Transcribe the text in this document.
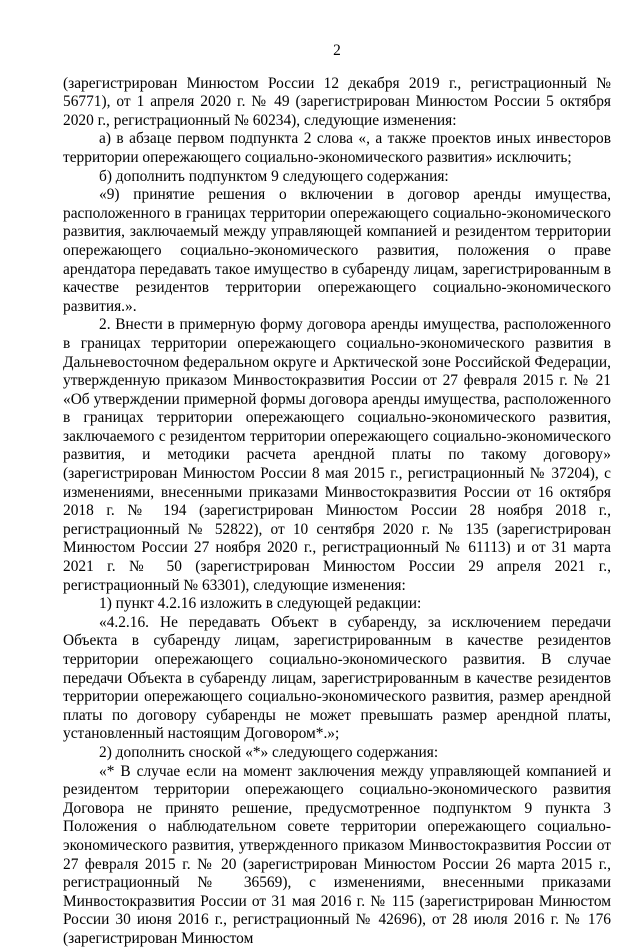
2

(зарегистрирован Минюстом России 12 декабря 2019 г., регистрационный № 56771), от 1 апреля 2020 г. № 49 (зарегистрирован Минюстом России 5 октября 2020 г., регистрационный № 60234), следующие изменения:

а) в абзаце первом подпункта 2 слова «, а также проектов иных инвесторов территории опережающего социально-экономического развития» исключить;

б) дополнить подпунктом 9 следующего содержания:

«9) принятие решения о включении в договор аренды имущества, расположенного в границах территории опережающего социально-экономического развития, заключаемый между управляющей компанией и резидентом территории опережающего социально-экономического развития, положения о праве арендатора передавать такое имущество в субаренду лицам, зарегистрированным в качестве резидентов территории опережающего социально-экономического развития.».

2. Внести в примерную форму договора аренды имущества, расположенного в границах территории опережающего социально-экономического развития в Дальневосточном федеральном округе и Арктической зоне Российской Федерации, утвержденную приказом Минвостокразвития России от 27 февраля 2015 г. № 21 «Об утверждении примерной формы договора аренды имущества, расположенного в границах территории опережающего социально-экономического развития, заключаемого с резидентом территории опережающего социально-экономического развития, и методики расчета арендной платы по такому договору» (зарегистрирован Минюстом России 8 мая 2015 г., регистрационный № 37204), с изменениями, внесенными приказами Минвостокразвития России от 16 октября 2018 г. № 194 (зарегистрирован Минюстом России 28 ноября 2018 г., регистрационный № 52822), от 10 сентября 2020 г. № 135 (зарегистрирован Минюстом России 27 ноября 2020 г., регистрационный № 61113) и от 31 марта 2021 г. № 50 (зарегистрирован Минюстом России 29 апреля 2021 г., регистрационный № 63301), следующие изменения:

1) пункт 4.2.16 изложить в следующей редакции:

«4.2.16. Не передавать Объект в субаренду, за исключением передачи Объекта в субаренду лицам, зарегистрированным в качестве резидентов территории опережающего социально-экономического развития. В случае передачи Объекта в субаренду лицам, зарегистрированным в качестве резидентов территории опережающего социально-экономического развития, размер арендной платы по договору субаренды не может превышать размер арендной платы, установленный настоящим Договором*.»;

2) дополнить сноской «*» следующего содержания:

«* В случае если на момент заключения между управляющей компанией и резидентом территории опережающего социально-экономического развития Договора не принято решение, предусмотренное подпунктом 9 пункта 3 Положения о наблюдательном совете территории опережающего социально-экономического развития, утвержденного приказом Минвостокразвития России от 27 февраля 2015 г. № 20 (зарегистрирован Минюстом России 26 марта 2015 г., регистрационный № 36569), с изменениями, внесенными приказами Минвостокразвития России от 31 мая 2016 г. № 115 (зарегистрирован Минюстом России 30 июня 2016 г., регистрационный № 42696), от 28 июля 2016 г. № 176 (зарегистрирован Минюстом
